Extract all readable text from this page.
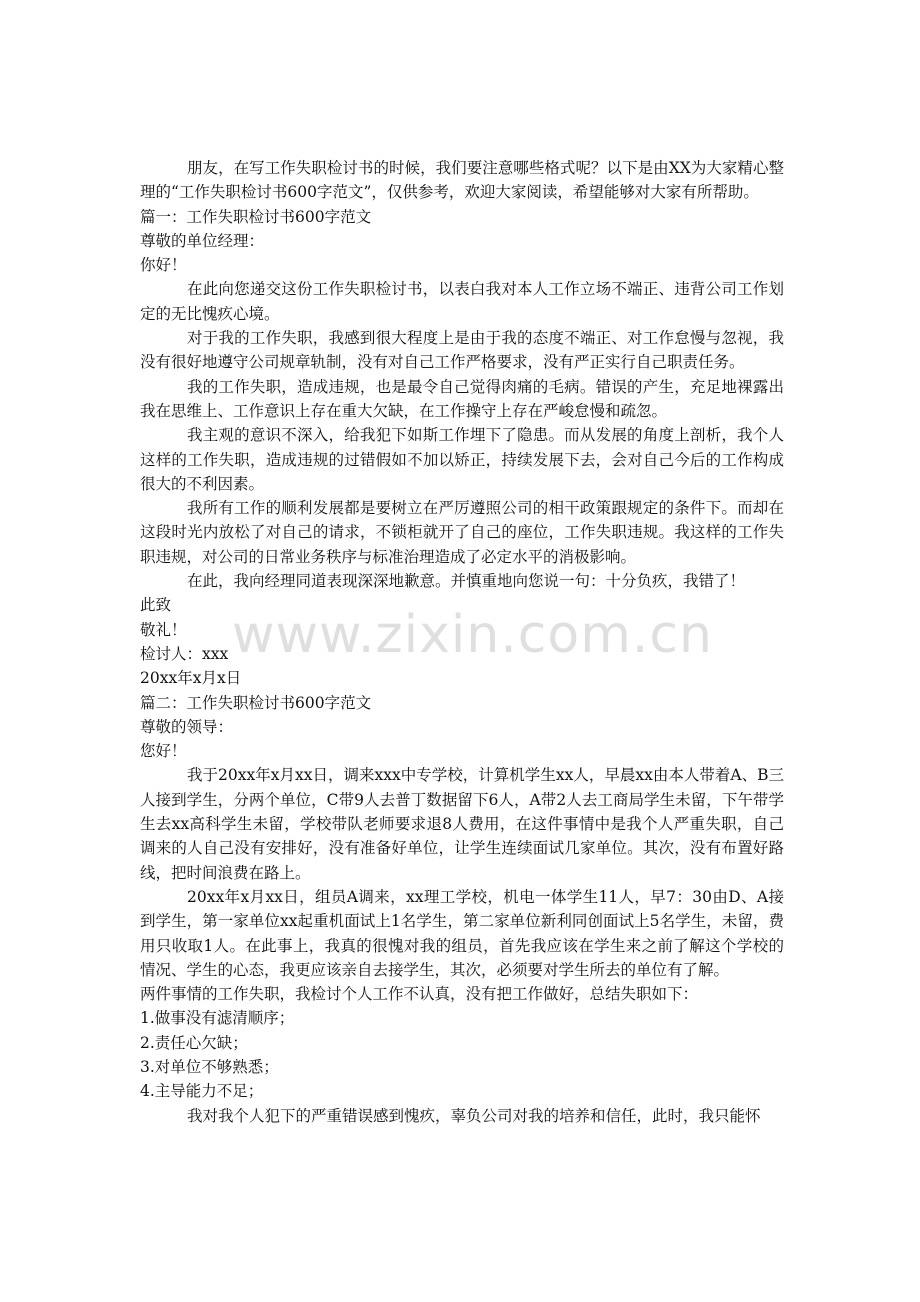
朋友，在写工作失职检讨书的时候，我们要注意哪些格式呢？以下是由XX为大家精心整理的“工作失职检讨书600字范文”，仅供参考，欢迎大家阅读，希望能够对大家有所帮助。

篇一：工作失职检讨书600字范文

尊敬的单位经理：

你好！

在此向您递交这份工作失职检讨书，以表白我对本人工作立场不端正、违背公司工作划定的无比愧疚心境。

对于我的工作失职，我感到很大程度上是由于我的态度不端正、对工作怠慢与忽视，我没有很好地遵守公司规章轨制，没有对自己工作严格要求，没有严正实行自己职责任务。

我的工作失职，造成违规，也是最令自己觉得肉痛的毛病。错误的产生，充足地裸露出我在思维上、工作意识上存在重大欠缺，在工作操守上存在严峻怠慢和疏忽。

我主观的意识不深入，给我犯下如斯工作埋下了隐患。而从发展的角度上剖析，我个人这样的工作失职，造成违规的过错假如不加以矫正，持续发展下去，会对自己今后的工作构成很大的不利因素。

我所有工作的顺利发展都是要树立在严厉遵照公司的相干政策跟规定的条件下。而却在这段时光内放松了对自己的请求，不锁柜就开了自己的座位，工作失职违规。我这样的工作失职违规，对公司的日常业务秩序与标准治理造成了必定水平的消极影响。

在此，我向经理同道表现深深地歉意。并慎重地向您说一句：十分负疚，我错了！

此致

敬礼！

检讨人：xxx

20xx年x月x日

篇二：工作失职检讨书600字范文

尊敬的领导：

您好！

我于20xx年x月xx日，调来xxx中专学校，计算机学生xx人，早晨xx由本人带着A、B三人接到学生，分两个单位，C带9人去普丁数据留下6人，A带2人去工商局学生未留，下午带学生去xx高科学生未留，学校带队老师要求退8人费用，在这件事情中是我个人严重失职，自己调来的人自己没有安排好，没有准备好单位，让学生连续面试几家单位。其次，没有布置好路线，把时间浪费在路上。

20xx年x月xx日，组员A调来，xx理工学校，机电一体学生11人，早7：30由D、A接到学生，第一家单位xx起重机面试上1名学生，第二家单位新利同创面试上5名学生，未留，费用只收取1人。在此事上，我真的很愧对我的组员，首先我应该在学生来之前了解这个学校的情况、学生的心态，我更应该亲自去接学生，其次，必须要对学生所去的单位有了解。

两件事情的工作失职，我检讨个人工作不认真，没有把工作做好，总结失职如下：

1.做事没有滤清顺序；

2.责任心欠缺；

3.对单位不够熟悉；

4.主导能力不足；

我对我个人犯下的严重错误感到愧疚，辜负公司对我的培养和信任，此时，我只能怀

www.zixin.com.cn
